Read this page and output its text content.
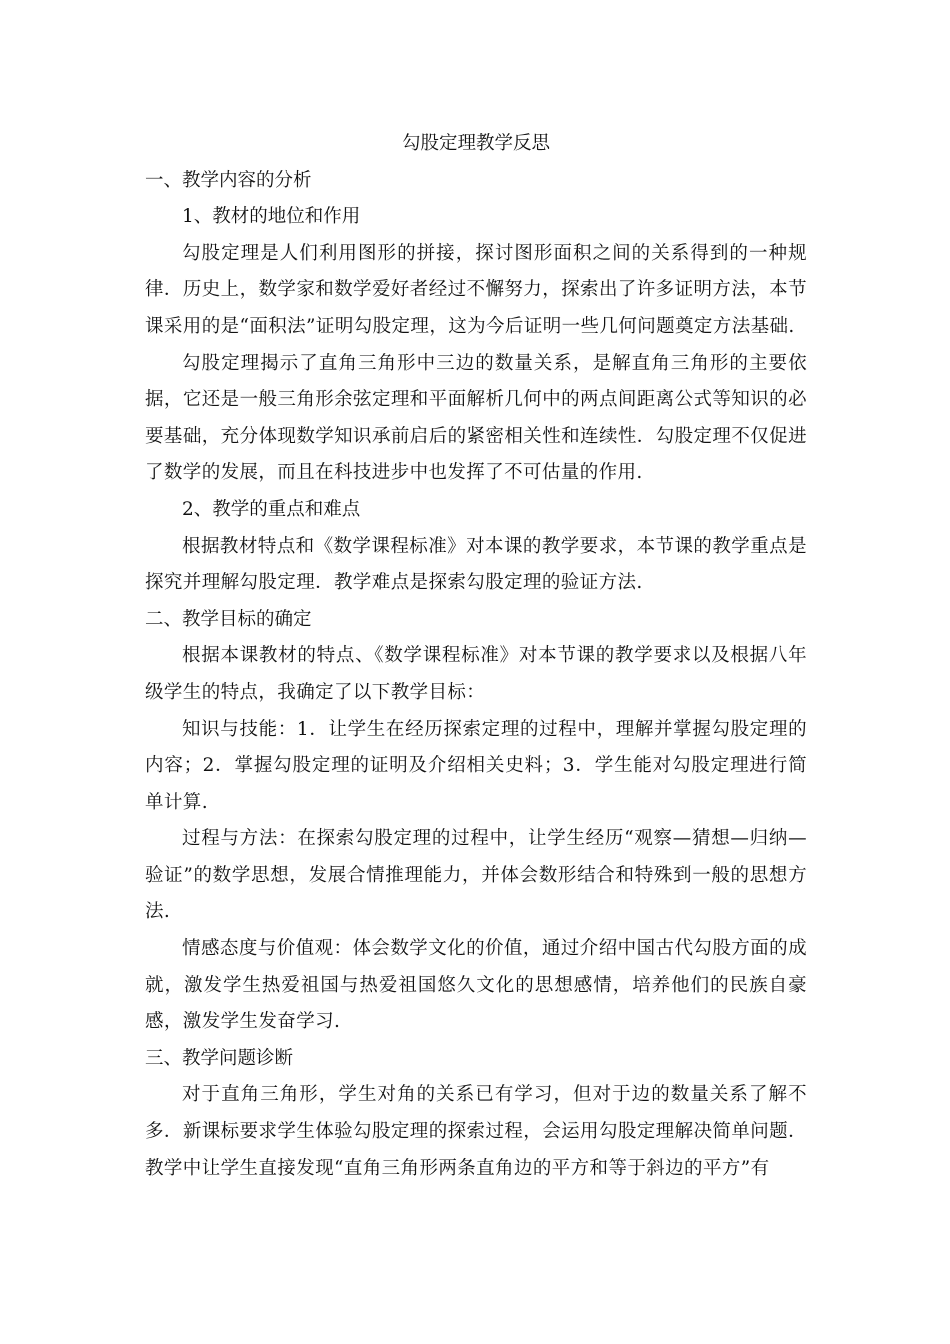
勾股定理教学反思
一、教学内容的分析
1、教材的地位和作用
勾股定理是人们利用图形的拼接，探讨图形面积之间的关系得到的一种规律．历史上，数学家和数学爱好者经过不懈努力，探索出了许多证明方法，本节课采用的是“面积法”证明勾股定理，这为今后证明一些几何问题奠定方法基础.
勾股定理揭示了直角三角形中三边的数量关系，是解直角三角形的主要依据，它还是一般三角形余弦定理和平面解析几何中的两点间距离公式等知识的必要基础，充分体现数学知识承前启后的紧密相关性和连续性．勾股定理不仅促进了数学的发展，而且在科技进步中也发挥了不可估量的作用.
2、教学的重点和难点
根据教材特点和《数学课程标准》对本课的教学要求，本节课的教学重点是探究并理解勾股定理．教学难点是探索勾股定理的验证方法.
二、教学目标的确定
根据本课教材的特点、《数学课程标准》对本节课的教学要求以及根据八年级学生的特点，我确定了以下教学目标：
知识与技能：1．让学生在经历探索定理的过程中，理解并掌握勾股定理的内容；2．掌握勾股定理的证明及介绍相关史料；3．学生能对勾股定理进行简单计算.
过程与方法：在探索勾股定理的过程中，让学生经历“观察—猜想—归纳—验证”的数学思想，发展合情推理能力，并体会数形结合和特殊到一般的思想方法.
情感态度与价值观：体会数学文化的价值，通过介绍中国古代勾股方面的成就，激发学生热爱祖国与热爱祖国悠久文化的思想感情，培养他们的民族自豪感，激发学生发奋学习.
三、教学问题诊断
对于直角三角形，学生对角的关系已有学习，但对于边的数量关系了解不多．新课标要求学生体验勾股定理的探索过程，会运用勾股定理解决简单问题．教学中让学生直接发现“直角三角形两条直角边的平方和等于斜边的平方”有
